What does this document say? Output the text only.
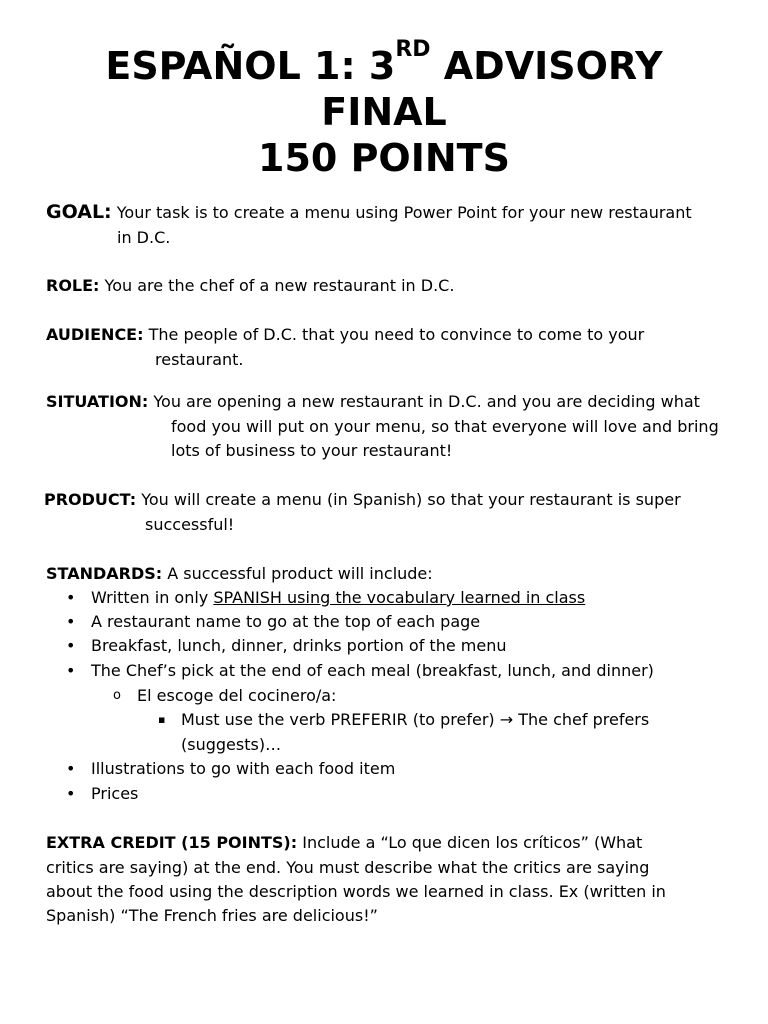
ESPAÑOL 1: 3RD ADVISORY
FINAL
150 POINTS
GOAL: Your task is to create a menu using Power Point for your new restaurant
in D.C.
ROLE: You are the chef of a new restaurant in D.C.
AUDIENCE: The people of D.C. that you need to convince to come to your
restaurant.
SITUATION: You are opening a new restaurant in D.C. and you are deciding what
food you will put on your menu, so that everyone will love and bring
lots of business to your restaurant!
PRODUCT: You will create a menu (in Spanish) so that your restaurant is super
successful!
STANDARDS: A successful product will include:
• Written in only SPANISH using the vocabulary learned in class
• A restaurant name to go at the top of each page
• Breakfast, lunch, dinner, drinks portion of the menu
• The Chef’s pick at the end of each meal (breakfast, lunch, and dinner)
o El escoge del cocinero/a:
▪ Must use the verb PREFERIR (to prefer) → The chef prefers
(suggests)…
• Illustrations to go with each food item
• Prices
EXTRA CREDIT (15 POINTS): Include a “Lo que dicen los críticos” (What
critics are saying) at the end. You must describe what the critics are saying
about the food using the description words we learned in class. Ex (written in
Spanish) “The French fries are delicious!”
